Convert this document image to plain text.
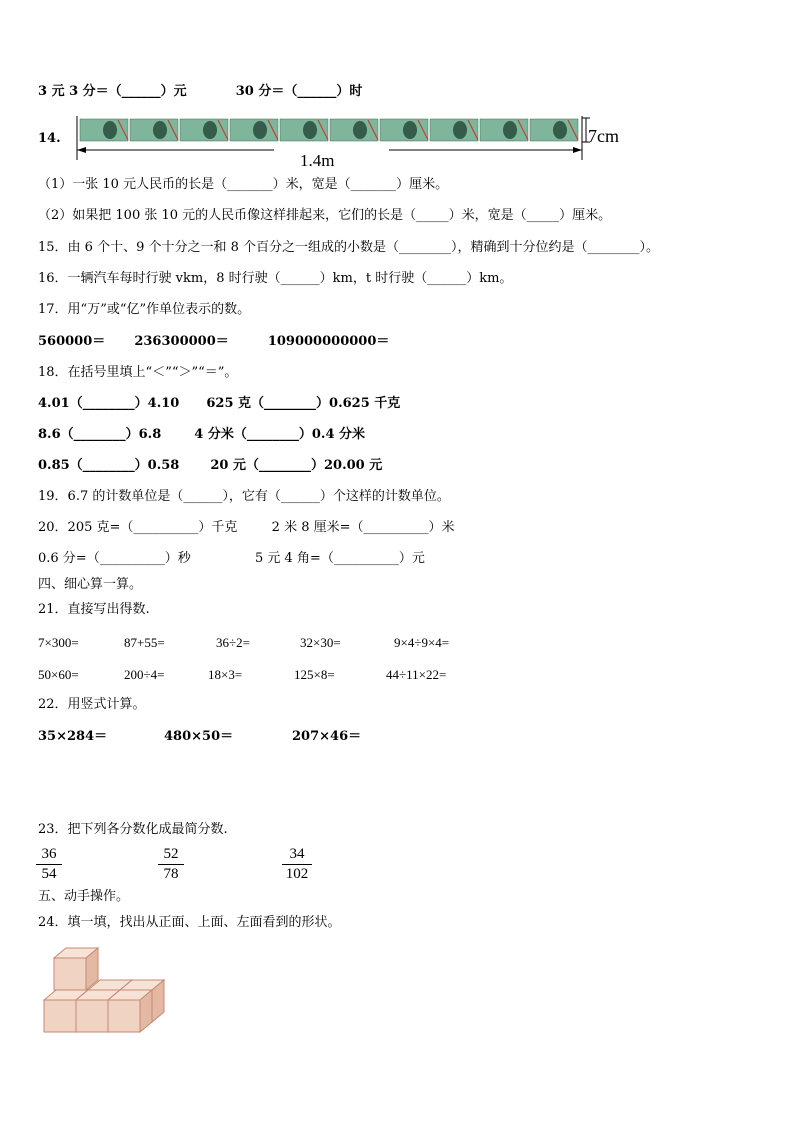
3 元 3 分＝（______）元	30 分＝（______）时
14.
1.4m
7cm
（1）一张 10 元人民币的长是（_______）米，宽是（_______）厘米。
（2）如果把 100 张 10 元的人民币像这样排起来，它们的长是（_____）米，宽是（_____）厘米。
15．由 6 个十、9 个十分之一和 8 个百分之一组成的小数是（________），精确到十分位约是（________）。
16．一辆汽车每时行驶 vkm，8 时行驶（______）km，t 时行驶（______）km。
17．用“万”或“亿”作单位表示的数。
560000＝ 236300000＝	109000000000＝
18．在括号里填上“＜”“＞”“＝”。
4.01（________）4.10 625 克（________）0.625 千克
8.6（________）6.8	4 分米（________）0.4 分米
0.85（________）0.58 20 元（________）20.00 元
19．6.7 的计数单位是（______），它有（______）个这样的计数单位。
20．205 克=（__________）千克	2 米 8 厘米=（__________）米
0.6 分=（__________）秒	5 元 4 角=（__________）元
四、细心算一算。
21．直接写出得数.
7×300=	87+55=	36÷2=	32×30=	9×4÷9×4=
50×60=	200÷4=	18×3=	125×8=	44÷11×22=
22．用竖式计算。
35×284＝	480×50＝	207×46＝
23．把下列各分数化成最简分数.
$\frac{36}{54}$	$\frac{52}{78}$	$\frac{34}{102}$
五、动手操作。
24．填一填，找出从正面、上面、左面看到的形状。
